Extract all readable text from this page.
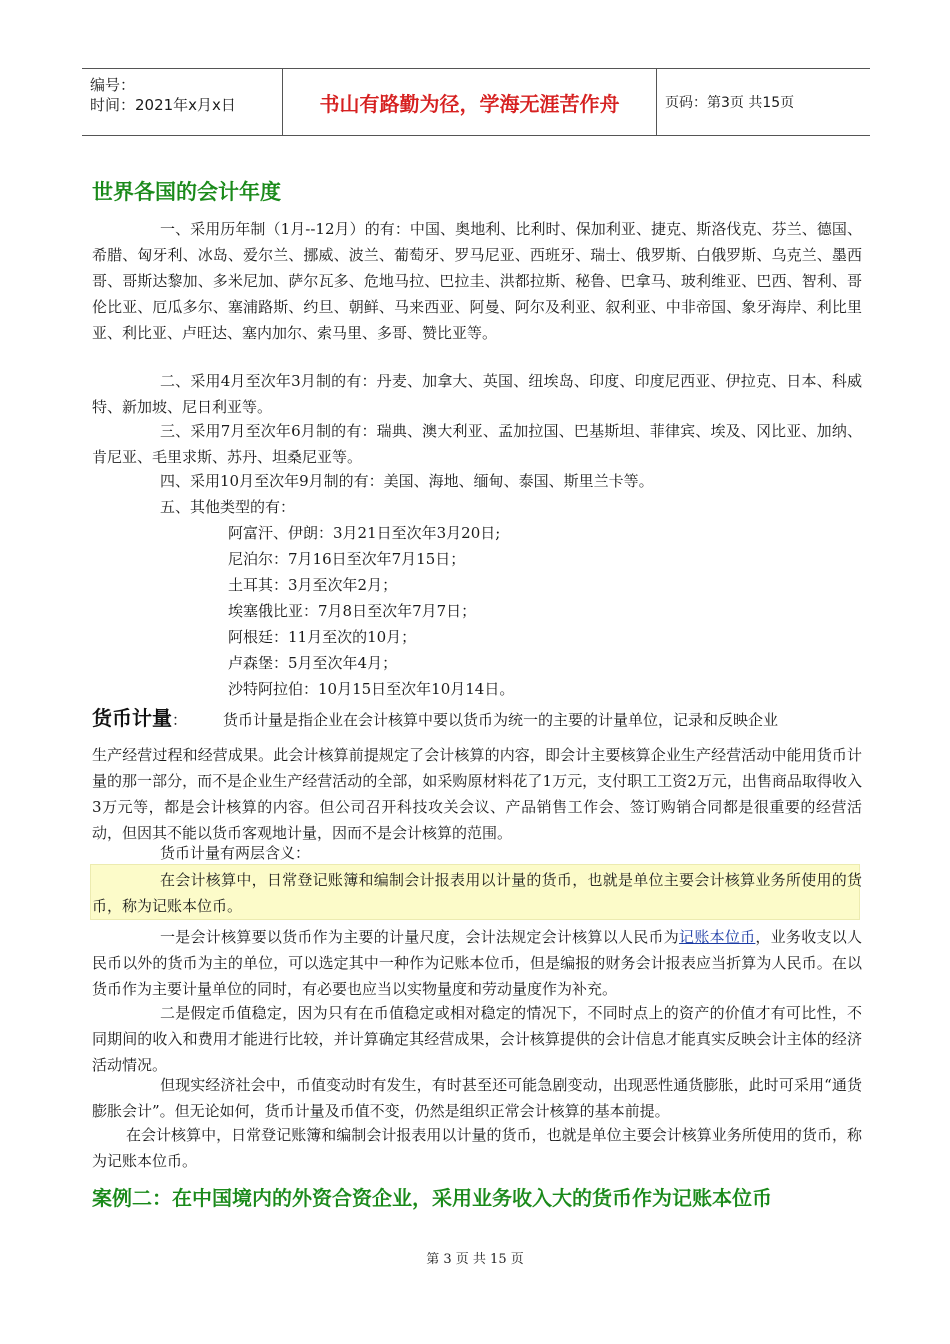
编号：
时间：2021年x月x日	书山有路勤为径，学海无涯苦作舟	页码：第3页 共15页
世界各国的会计年度
一、采用历年制（1月--12月）的有：中国、奥地利、比利时、保加利亚、捷克、斯洛伐克、芬兰、德国、希腊、匈牙利、冰岛、爱尔兰、挪威、波兰、葡萄牙、罗马尼亚、西班牙、瑞士、俄罗斯、白俄罗斯、乌克兰、墨西哥、哥斯达黎加、多米尼加、萨尔瓦多、危地马拉、巴拉圭、洪都拉斯、秘鲁、巴拿马、玻利维亚、巴西、智利、哥伦比亚、厄瓜多尔、塞浦路斯、约旦、朝鲜、马来西亚、阿曼、阿尔及利亚、叙利亚、中非帝国、象牙海岸、利比里亚、利比亚、卢旺达、塞内加尔、索马里、多哥、赞比亚等。
二、采用4月至次年3月制的有：丹麦、加拿大、英国、纽埃岛、印度、印度尼西亚、伊拉克、日本、科威特、新加坡、尼日利亚等。
三、采用7月至次年6月制的有：瑞典、澳大利亚、孟加拉国、巴基斯坦、菲律宾、埃及、冈比亚、加纳、肯尼亚、毛里求斯、苏丹、坦桑尼亚等。
四、采用10月至次年9月制的有：美国、海地、缅甸、泰国、斯里兰卡等。
五、其他类型的有：
阿富汗、伊朗：3月21日至次年3月20日;
尼泊尔：7月16日至次年7月15日；
土耳其：3月至次年2月；
埃塞俄比亚：7月8日至次年7月7日；
阿根廷：11月至次的10月；
卢森堡：5月至次年4月；
沙特阿拉伯：10月15日至次年10月14日。
货币计量： 货币计量是指企业在会计核算中要以货币为统一的主要的计量单位，记录和反映企业
生产经营过程和经营成果。此会计核算前提规定了会计核算的内容，即会计主要核算企业生产经营活动中能用货币计量的那一部分，而不是企业生产经营活动的全部，如采购原材料花了1万元，支付职工工资2万元，出售商品取得收入3万元等，都是会计核算的内容。但公司召开科技攻关会议、产品销售工作会、签订购销合同都是很重要的经营活动，但因其不能以货币客观地计量，因而不是会计核算的范围。
货币计量有两层含义：
在会计核算中，日常登记账簿和编制会计报表用以计量的货币，也就是单位主要会计核算业务所使用的货币，称为记账本位币。
一是会计核算要以货币作为主要的计量尺度，会计法规定会计核算以人民币为记账本位币，业务收支以人民币以外的货币为主的单位，可以选定其中一种作为记账本位币，但是编报的财务会计报表应当折算为人民币。在以货币作为主要计量单位的同时，有必要也应当以实物量度和劳动量度作为补充。
二是假定币值稳定，因为只有在币值稳定或相对稳定的情况下，不同时点上的资产的价值才有可比性，不同期间的收入和费用才能进行比较，并计算确定其经营成果，会计核算提供的会计信息才能真实反映会计主体的经济活动情况。
但现实经济社会中，币值变动时有发生，有时甚至还可能急剧变动，出现恶性通货膨胀，此时可采用“通货膨胀会计”。但无论如何，货币计量及币值不变，仍然是组织正常会计核算的基本前提。
在会计核算中，日常登记账簿和编制会计报表用以计量的货币，也就是单位主要会计核算业务所使用的货币，称为记账本位币。
案例二：在中国境内的外资合资企业，采用业务收入大的货币作为记账本位币
第 3 页 共 15 页
